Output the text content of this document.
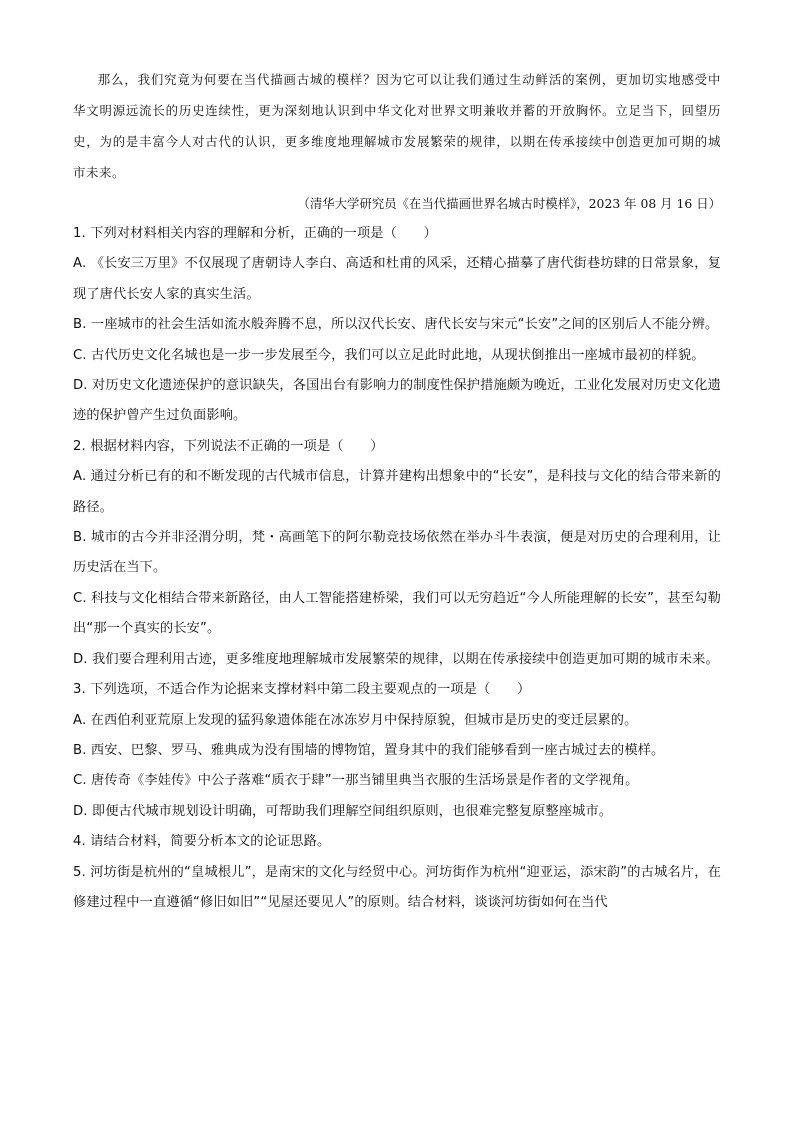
那么，我们究竟为何要在当代描画古城的模样？因为它可以让我们通过生动鲜活的案例，更加切实地感受中华文明源远流长的历史连续性，更为深刻地认识到中华文化对世界文明兼收并蓄的开放胸怀。立足当下，回望历史，为的是丰富今人对古代的认识，更多维度地理解城市发展繁荣的规律，以期在传承接续中创造更加可期的城市未来。

（清华大学研究员《在当代描画世界名城古时模样》，2023 年 08 月 16 日）

1. 下列对材料相关内容的理解和分析，正确的一项是（　　）

A. 《长安三万里》不仅展现了唐朝诗人李白、高适和杜甫的风采，还精心描摹了唐代街巷坊肆的日常景象，复现了唐代长安人家的真实生活。

B. 一座城市的社会生活如流水般奔腾不息，所以汉代长安、唐代长安与宋元“长安”之间的区别后人不能分辨。

C. 古代历史文化名城也是一步一步发展至今，我们可以立足此时此地，从现状倒推出一座城市最初的样貌。

D. 对历史文化遗迹保护的意识缺失，各国出台有影响力的制度性保护措施颇为晚近，工业化发展对历史文化遗迹的保护曾产生过负面影响。

2. 根据材料内容，下列说法不正确的一项是（　　）

A. 通过分析已有的和不断发现的古代城市信息，计算并建构出想象中的“长安”，是科技与文化的结合带来新的路径。

B. 城市的古今并非泾渭分明，梵・高画笔下的阿尔勒竞技场依然在举办斗牛表演，便是对历史的合理利用，让历史活在当下。

C. 科技与文化相结合带来新路径，由人工智能搭建桥梁，我们可以无穷趋近“今人所能理解的长安”，甚至勾勒出“那一个真实的长安”。

D. 我们要合理利用古迹，更多维度地理解城市发展繁荣的规律，以期在传承接续中创造更加可期的城市未来。

3. 下列选项，不适合作为论据来支撑材料中第二段主要观点的一项是（　　）

A. 在西伯利亚荒原上发现的猛犸象遗体能在冰冻岁月中保持原貌，但城市是历史的变迁层累的。

B. 西安、巴黎、罗马、雅典成为没有围墙的博物馆，置身其中的我们能够看到一座古城过去的模样。

C. 唐传奇《李娃传》中公子落难“质衣于肆”一那当铺里典当衣服的生活场景是作者的文学视角。

D. 即便古代城市规划设计明确，可帮助我们理解空间组织原则，也很难完整复原整座城市。

4. 请结合材料，简要分析本文的论证思路。

5. 河坊街是杭州的“皇城根儿”，是南宋的文化与经贸中心。河坊街作为杭州“迎亚运，添宋韵”的古城名片，在修建过程中一直遵循“修旧如旧”“见屋还要见人”的原则。结合材料，谈谈河坊街如何在当代
